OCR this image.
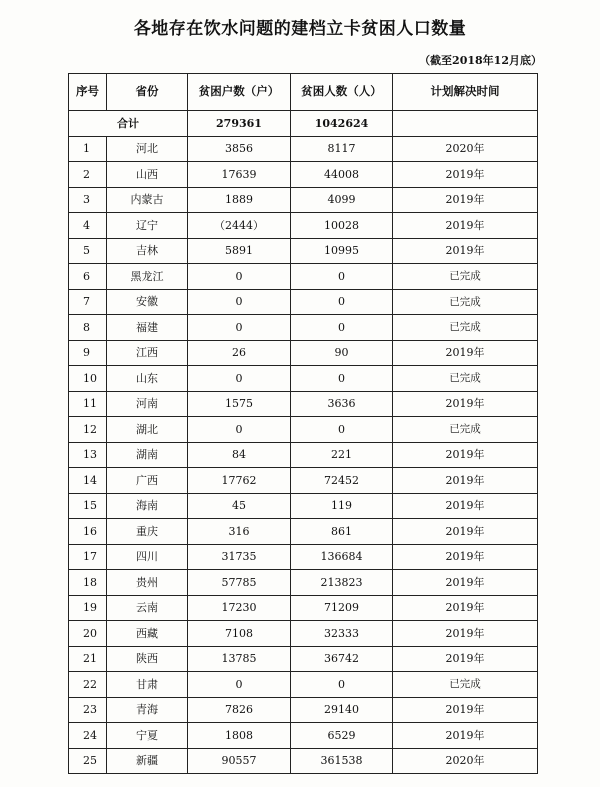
各地存在饮水问题的建档立卡贫困人口数量
（截至2018年12月底）
序号	省份	贫困户数（户）	贫困人数（人）	计划解决时间
合计		279361	1042624	
1	河北	3856	8117	2020年
2	山西	17639	44008	2019年
3	内蒙古	1889	4099	2019年
4	辽宁	（2444）	10028	2019年
5	吉林	5891	10995	2019年
6	黑龙江	0	0	已完成
7	安徽	0	0	已完成
8	福建	0	0	已完成
9	江西	26	90	2019年
10	山东	0	0	已完成
11	河南	1575	3636	2019年
12	湖北	0	0	已完成
13	湖南	84	221	2019年
14	广西	17762	72452	2019年
15	海南	45	119	2019年
16	重庆	316	861	2019年
17	四川	31735	136684	2019年
18	贵州	57785	213823	2019年
19	云南	17230	71209	2019年
20	西藏	7108	32333	2019年
21	陕西	13785	36742	2019年
22	甘肃	0	0	已完成
23	青海	7826	29140	2019年
24	宁夏	1808	6529	2019年
25	新疆	90557	361538	2020年
